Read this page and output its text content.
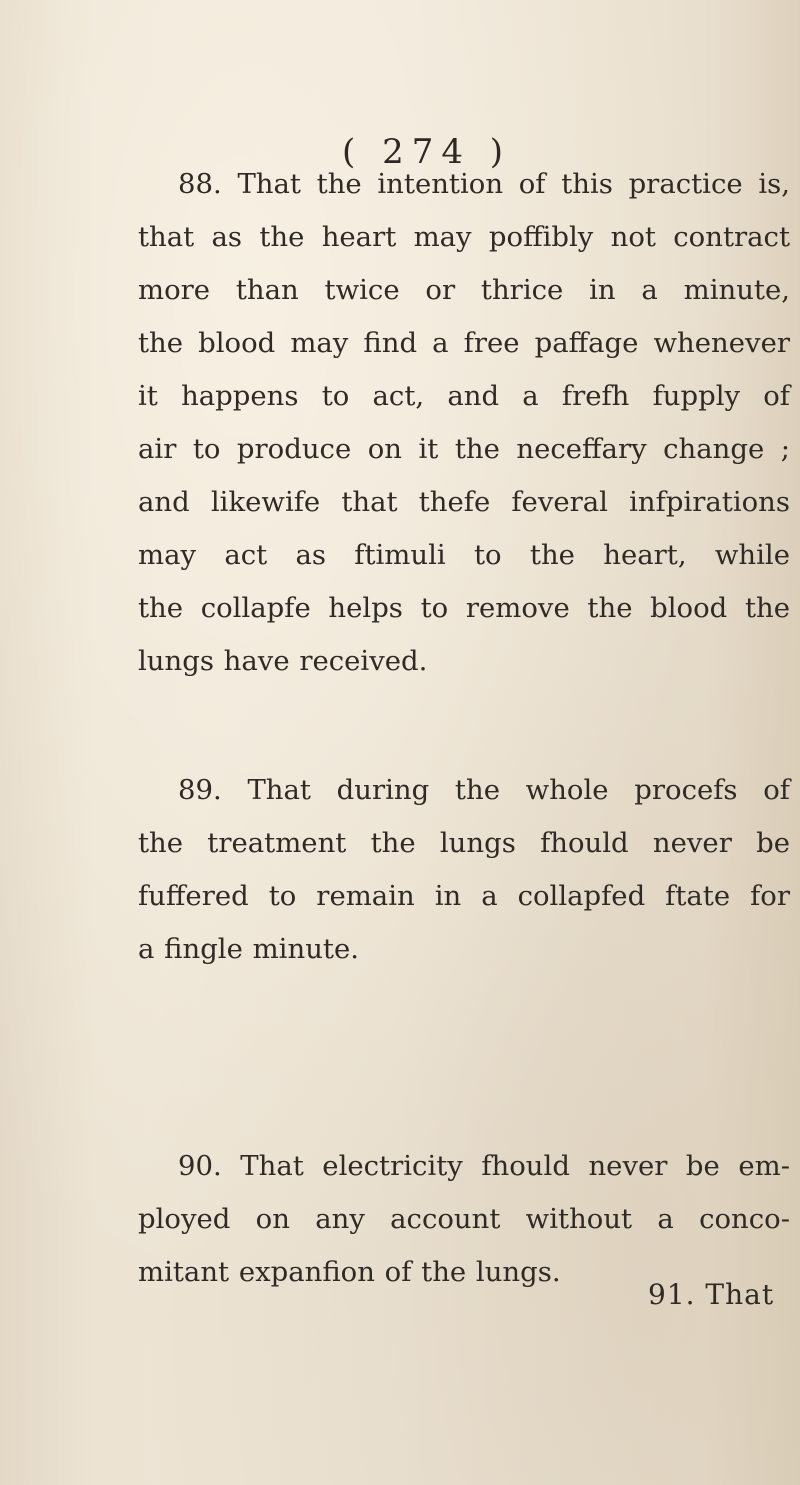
( 274 )
88. That the intention of this practice is,
that as the heart may poffibly not contract
more than twice or thrice in a minute,
the blood may find a free paffage whenever
it happens to act, and a frefh fupply of
air to produce on it the neceffary change ;
and likewife that thefe feveral infpirations
may act as ftimuli to the heart, while
the collapfe helps to remove the blood the
lungs have received.
89. That during the whole procefs of
the treatment the lungs fhould never be
fuffered to remain in a collapfed ftate for
a fingle minute.
90. That electricity fhould never be em-
ployed on any account without a conco-
mitant expanfion of the lungs.
91. That
